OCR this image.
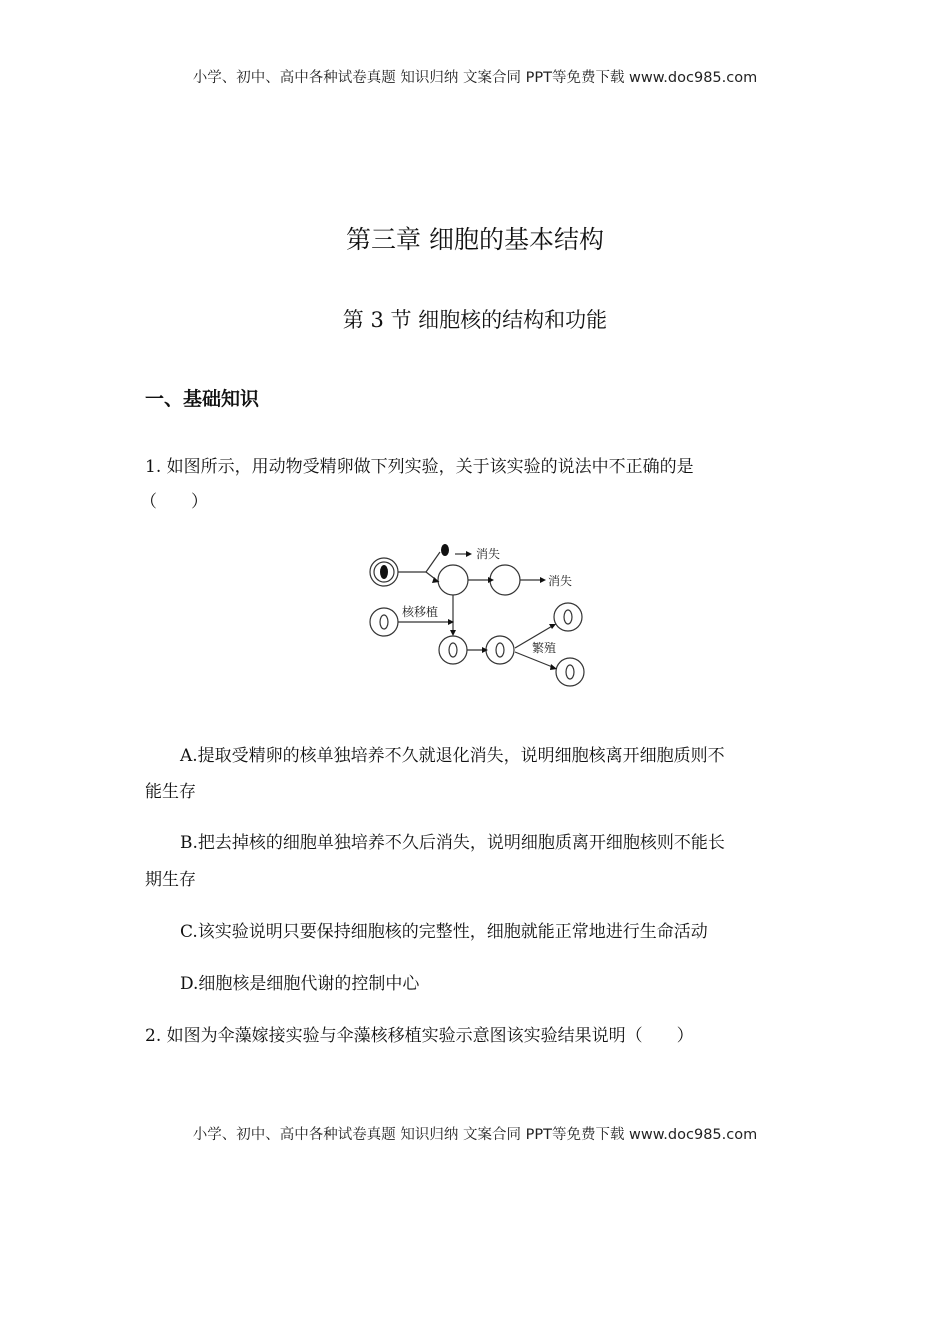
小学、初中、高中各种试卷真题 知识归纳 文案合同 PPT等免费下载 www.doc985.com
第三章 细胞的基本结构
第 3 节 细胞核的结构和功能
一、基础知识
1. 如图所示，用动物受精卵做下列实验，关于该实验的说法中不正确的是
（　　）
消失
消失
核移植
繁殖
A.提取受精卵的核单独培养不久就退化消失，说明细胞核离开细胞质则不
能生存
B.把去掉核的细胞单独培养不久后消失，说明细胞质离开细胞核则不能长
期生存
C.该实验说明只要保持细胞核的完整性，细胞就能正常地进行生命活动
D.细胞核是细胞代谢的控制中心
2. 如图为伞藻嫁接实验与伞藻核移植实验示意图该实验结果说明（　　）
小学、初中、高中各种试卷真题 知识归纳 文案合同 PPT等免费下载 www.doc985.com
